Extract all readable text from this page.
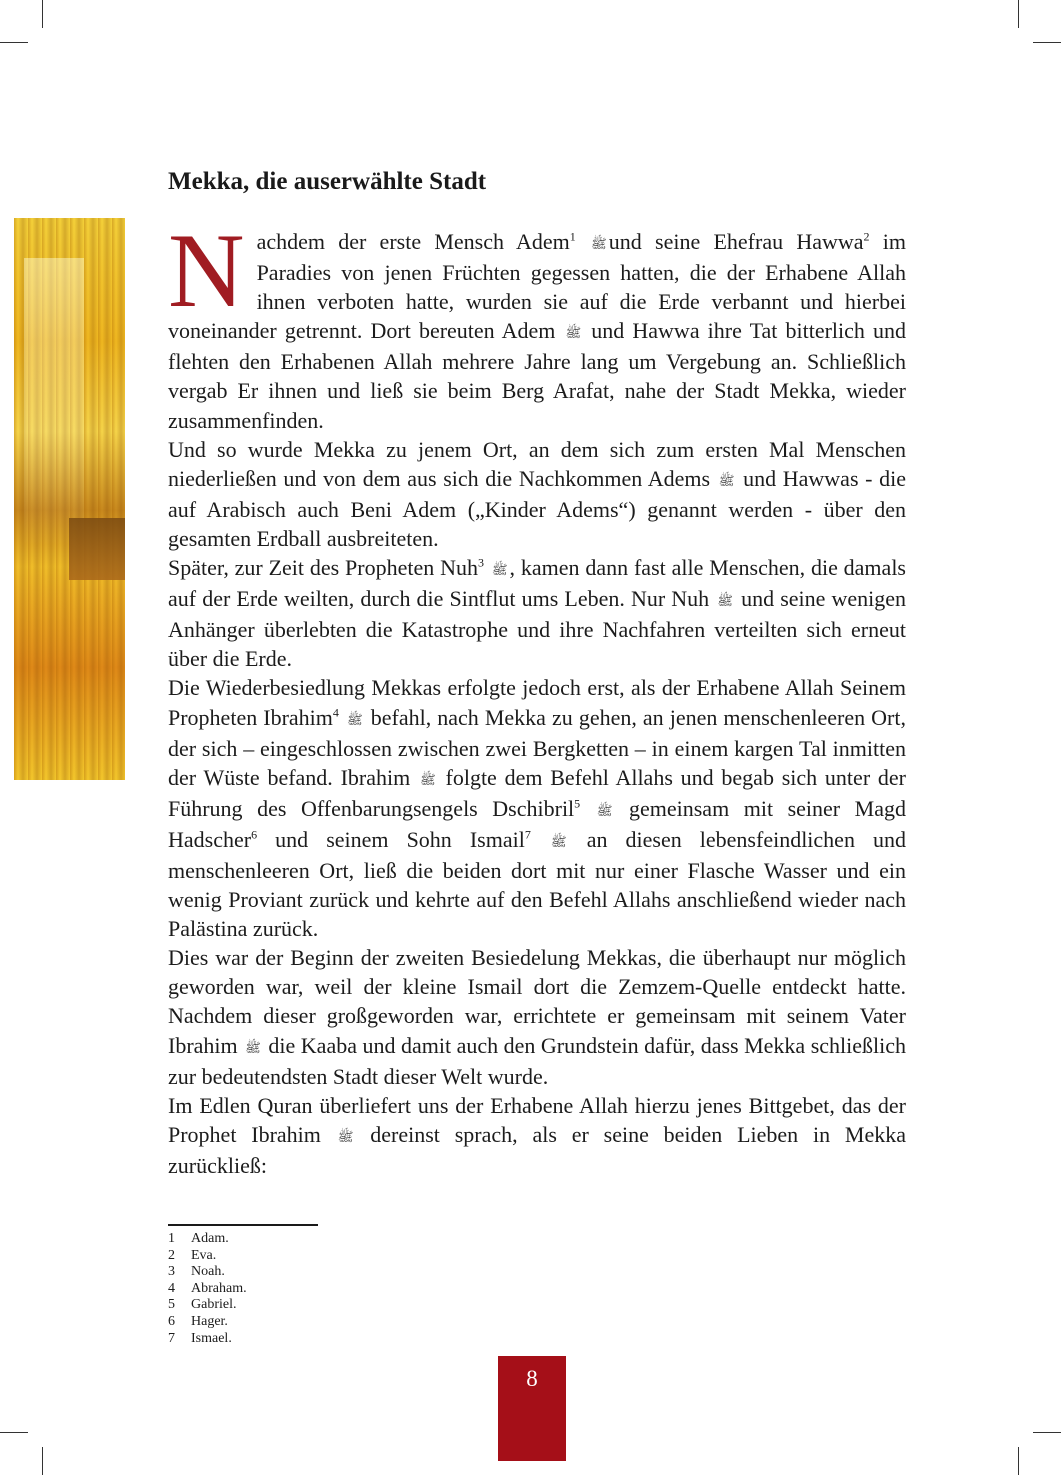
Mekka, die auserwählte Stadt

Nachdem der erste Mensch Adem$^1$ ﷺund seine Ehefrau Hawwa$^2$ im Paradies von jenen Früchten gegessen hatten, die der Erhabene Allah ihnen verboten hatte, wurden sie auf die Erde verbannt und hierbei voneinander getrennt. Dort bereuten Adem ﷺ und Hawwa ihre Tat bitterlich und flehten den Erhabenen Allah mehrere Jahre lang um Vergebung an. Schließlich vergab Er ihnen und ließ sie beim Berg Arafat, nahe der Stadt Mekka, wieder zusammenfinden.

Und so wurde Mekka zu jenem Ort, an dem sich zum ersten Mal Menschen niederließen und von dem aus sich die Nachkommen Adems ﷺ und Hawwas - die auf Arabisch auch Beni Adem („Kinder Adems“) genannt werden - über den gesamten Erdball ausbreiteten.

Später, zur Zeit des Propheten Nuh$^3$ ﷺ, kamen dann fast alle Menschen, die damals auf der Erde weilten, durch die Sintflut ums Leben. Nur Nuh ﷺ und seine wenigen Anhänger überlebten die Katastrophe und ihre Nachfahren verteilten sich erneut über die Erde.

Die Wiederbesiedlung Mekkas erfolgte jedoch erst, als der Erhabene Allah Seinem Propheten Ibrahim$^4$ ﷺ befahl, nach Mekka zu gehen, an jenen menschenleeren Ort, der sich – eingeschlossen zwischen zwei Bergketten – in einem kargen Tal inmitten der Wüste befand. Ibrahim ﷺ folgte dem Befehl Allahs und begab sich unter der Führung des Offenbarungsengels Dschibril$^5$ ﷺ gemeinsam mit seiner Magd Hadscher$^6$ und seinem Sohn Ismail$^7$ ﷺ an diesen lebensfeindlichen und menschenleeren Ort, ließ die beiden dort mit nur einer Flasche Wasser und ein wenig Proviant zurück und kehrte auf den Befehl Allahs anschließend wieder nach Palästina zurück.

Dies war der Beginn der zweiten Besiedelung Mekkas, die überhaupt nur möglich geworden war, weil der kleine Ismail dort die Zemzem-Quelle entdeckt hatte. Nachdem dieser großgeworden war, errichtete er gemeinsam mit seinem Vater Ibrahim ﷺ die Kaaba und damit auch den Grundstein dafür, dass Mekka schließlich zur bedeutendsten Stadt dieser Welt wurde.

Im Edlen Quran überliefert uns der Erhabene Allah hierzu jenes Bittgebet, das der Prophet Ibrahim ﷺ dereinst sprach, als er seine beiden Lieben in Mekka zurückließ:

1	Adam.
2	Eva.
3	Noah.
4	Abraham.
5	Gabriel.
6	Hager.
7	Ismael.
8
